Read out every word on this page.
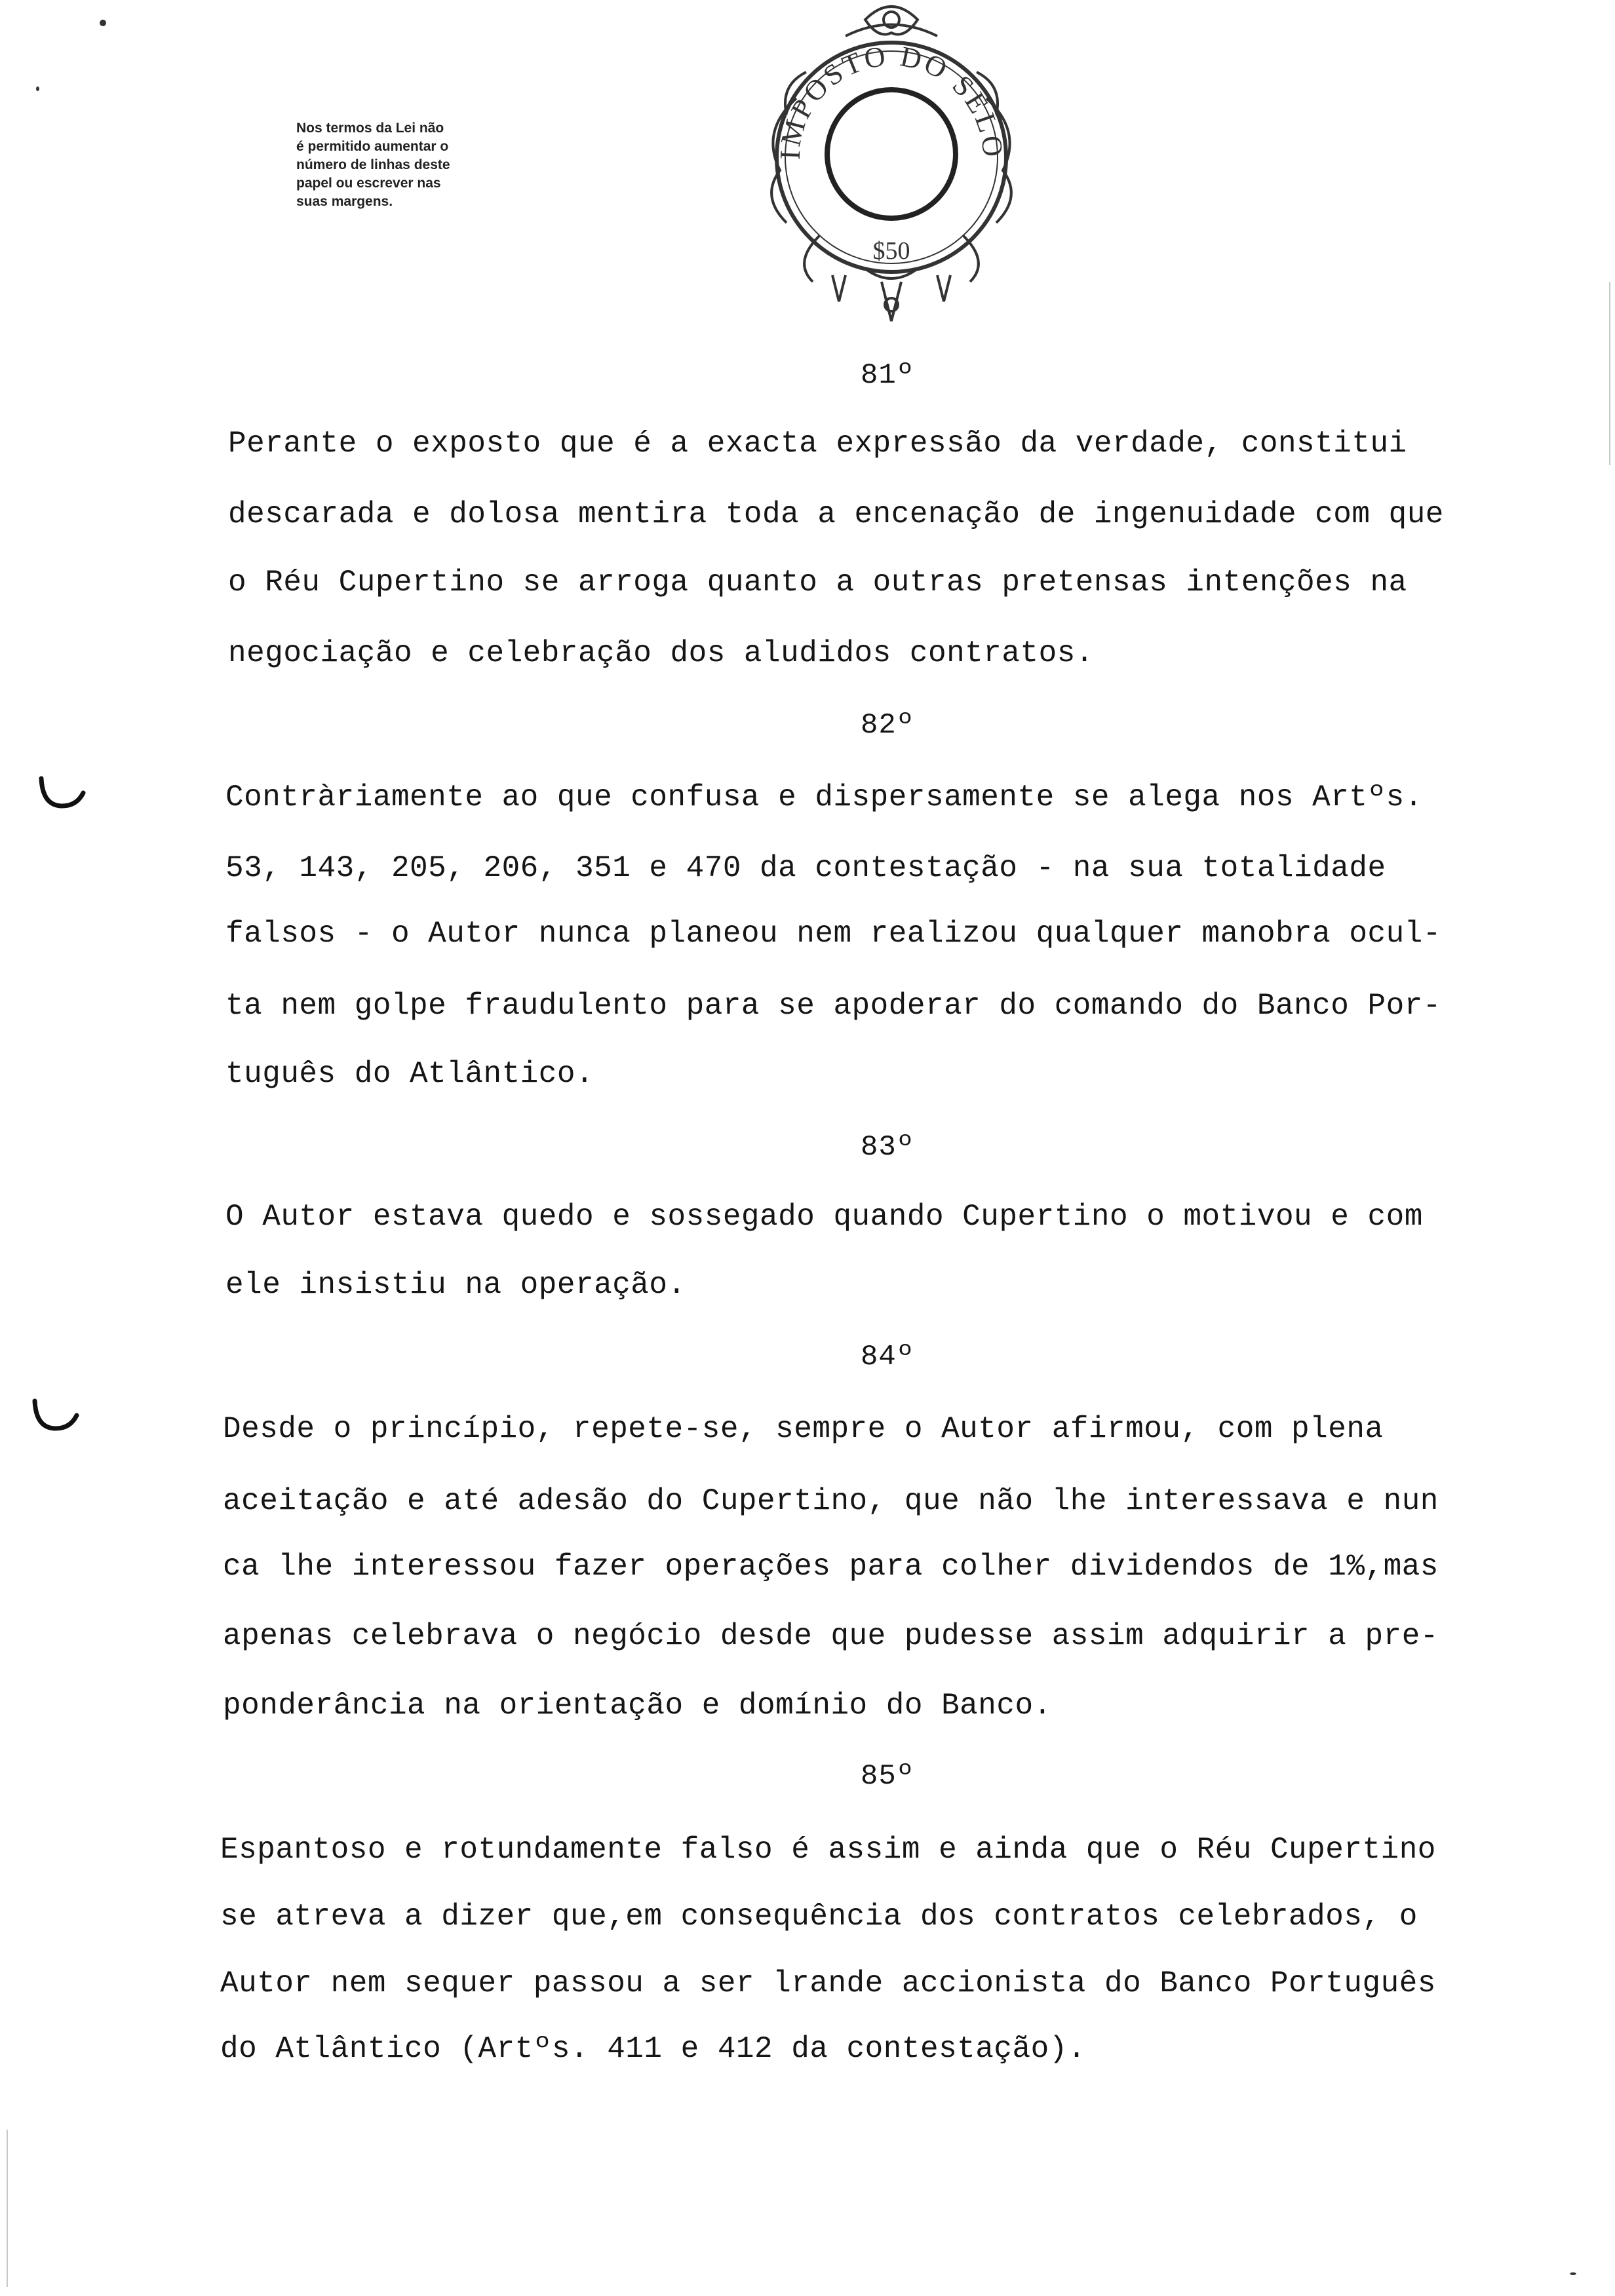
Nos termos da Lei não
é permitido aumentar o
número de linhas deste
papel ou escrever nas
suas margens.
IMPOSTO DO SELO
$50

81º

Perante o exposto que é a exacta expressão da verdade, constitui

descarada e dolosa mentira toda a encenação de ingenuidade com que

o Réu Cupertino se arroga quanto a outras pretensas intenções na

negociação e celebração dos aludidos contratos.

82º

Contràriamente ao que confusa e dispersamente se alega nos Artºs.

53, 143, 205, 206, 351 e 470 da contestação - na sua totalidade

falsos - o Autor nunca planeou nem realizou qualquer manobra ocul-

ta nem golpe fraudulento para se apoderar do comando do Banco Por-

tuguês do Atlântico.

83º

O Autor estava quedo e sossegado quando Cupertino o motivou e com

ele insistiu na operação.

84º

Desde o princípio, repete-se, sempre o Autor afirmou, com plena

aceitação e até adesão do Cupertino, que não lhe interessava e nun

ca lhe interessou fazer operações para colher dividendos de 1%,mas

apenas celebrava o negócio desde que pudesse assim adquirir a pre-

ponderância na orientação e domínio do Banco.

85º

Espantoso e rotundamente falso é assim e ainda que o Réu Cupertino

se atreva a dizer que,em consequência dos contratos celebrados, o

Autor nem sequer passou a ser lrande accionista do Banco Português

do Atlântico (Artºs. 411 e 412 da contestação).
